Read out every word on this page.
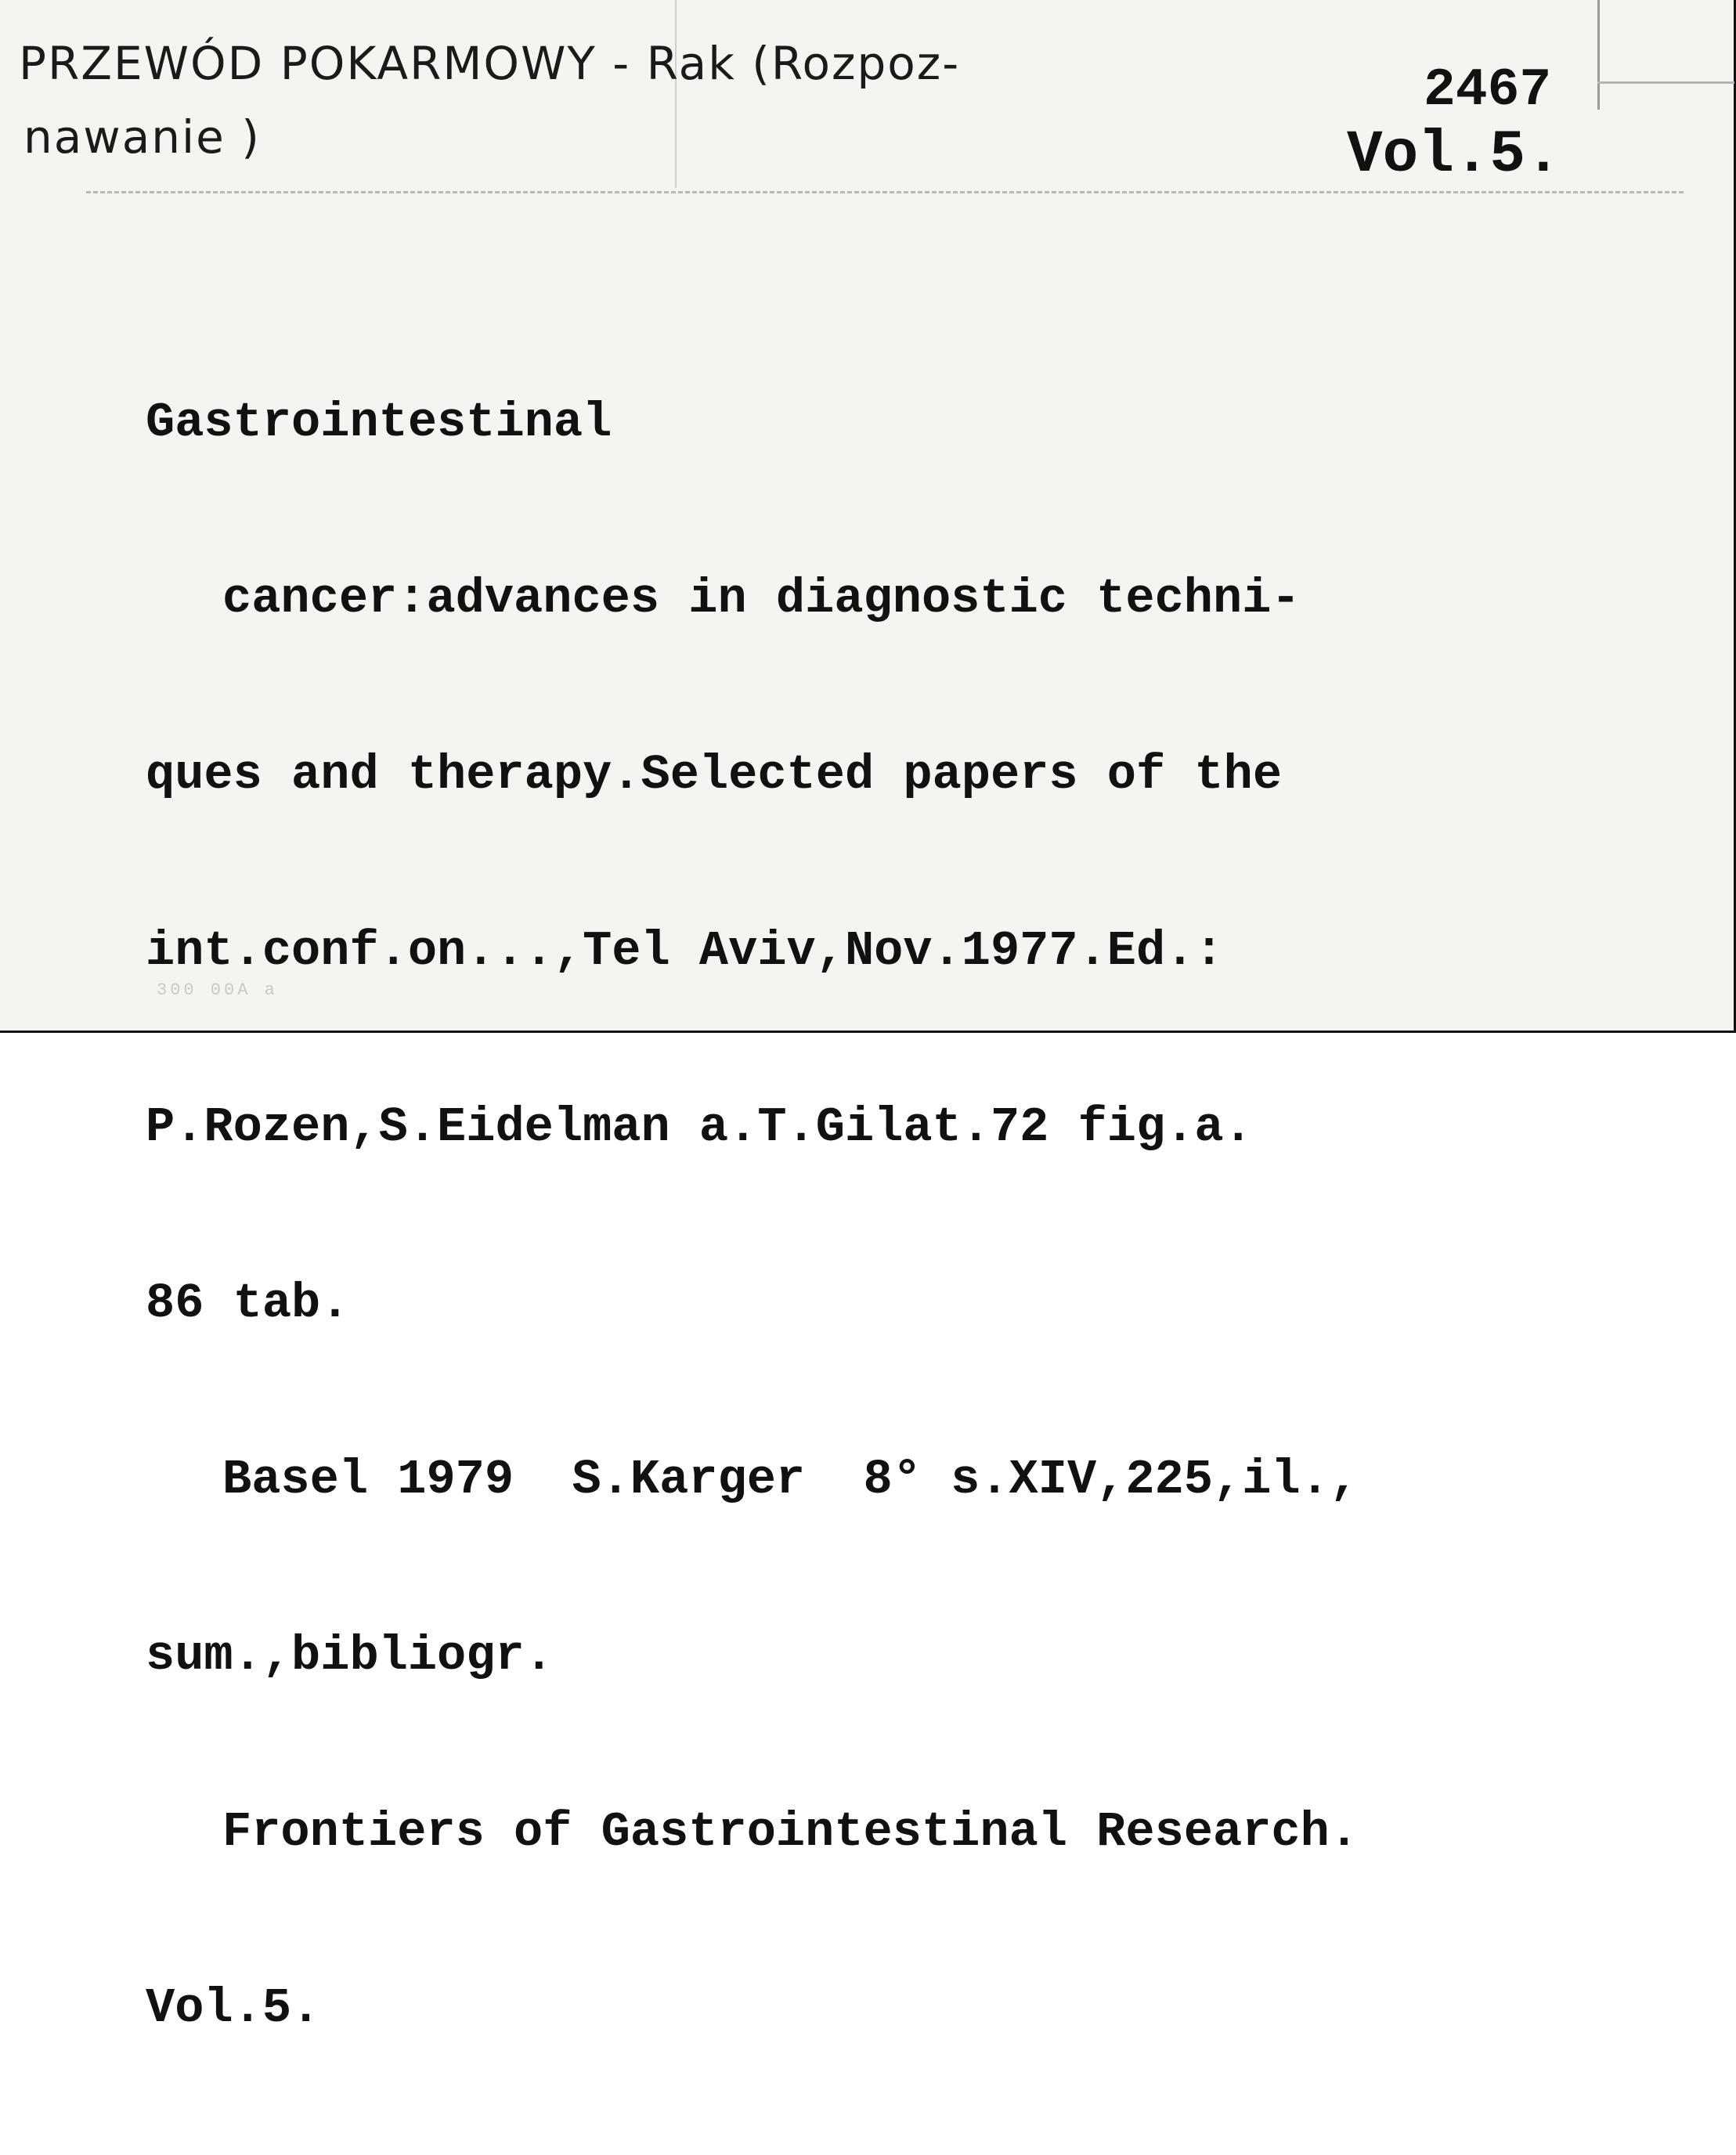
PRZEWÓD POKARMOWY - Rak (Rozpoz-
nawanie )
2467
Vol.5.

Gastrointestinal

cancer:advances in diagnostic techni-

ques and therapy.Selected papers of the

int.conf.on...,Tel Aviv,Nov.1977.Ed.:

P.Rozen,S.Eidelman a.T.Gilat.72 fig.a.

86 tab.

Basel 1979  S.Karger  8° s.XIV,225,il.,

sum.,bibliogr.

Frontiers of Gastrointestinal Research.

Vol.5.

300 00A a
